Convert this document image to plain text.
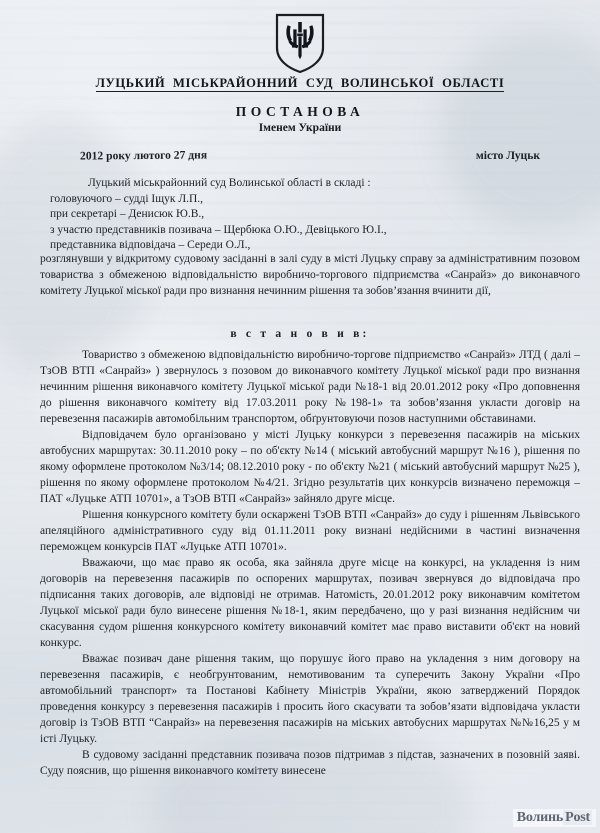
ЛУЦЬКИЙ МІСЬКРАЙОННИЙ СУД ВОЛИНСЬКОЇ ОБЛАСТІ
ПОСТАНОВА
Іменем України
2012 року лютого 27 дня	місто Луцьк
Луцький міськрайонний суд Волинської області в складі :
головуючого – судді Іщук Л.П.,
при секретарі – Денисюк Ю.В.,
з участю представників позивача – Щербюка О.Ю., Девіцького Ю.І.,
представника відповідача – Середи О.Л.,
розглянувши у відкритому судовому засіданні в залі суду в місті Луцьку справу за адміністративним позовом товариства з обмеженою відповідальністю виробничо-торгового підприємства «Санрайз» до виконавчого комітету Луцької міської ради про визнання нечинним рішення та зобов’язання вчинити дії,
в с т а н о в и в:

Товариство з обмеженою відповідальністю виробничо-торгове підприємство «Санрайз» ЛТД ( далі – ТзОВ ВТП «Санрайз» ) звернулось з позовом до виконавчого комітету Луцької міської ради про визнання нечинним рішення виконавчого комітету Луцької міської ради №18-1 від 20.01.2012 року «Про доповнення до рішення виконавчого комітету від 17.03.2011 року №198-1» та зобов’язання укласти договір на перевезення пасажирів автомобільним транспортом, обґрунтовуючи позов наступними обставинами.

Відповідачем було організовано у місті Луцьку конкурси з перевезення пасажирів на міських автобусних маршрутах: 30.11.2010 року – по об'єкту №14 ( міський автобусний маршрут №16 ), рішення по якому оформлене протоколом №3/14; 08.12.2010 року - по об'єкту №21 ( міський автобусний маршрут №25 ), рішення по якому оформлене протоколом №4/21. Згідно результатів цих конкурсів визначено переможця – ПАТ «Луцьке АТП 10701», а ТзОВ ВТП «Санрайз» зайняло друге місце.

Рішення конкурсного комітету були оскаржені ТзОВ ВТП «Санрайз» до суду і рішенням Львівського апеляційного адміністративного суду від 01.11.2011 року визнані недійсними в частині визначення переможцем конкурсів ПАТ «Луцьке АТП 10701».

Вважаючи, що має право як особа, яка зайняла друге місце на конкурсі, на укладення із ним договорів на перевезення пасажирів по оспорених маршрутах, позивач звернувся до відповідача про підписання таких договорів, але відповіді не отримав. Натомість, 20.01.2012 року виконавчим комітетом Луцької міської ради було винесене рішення №18-1, яким передбачено, що у разі визнання недійсним чи скасування судом рішення конкурсного комітету виконавчий комітет має право виставити об'єкт на новий конкурс.

Вважає позивач дане рішення таким, що порушує його право на укладення з ним договору на перевезення пасажирів, є необгрунтованим, немотивованим та суперечить Закону України «Про автомобільний транспорт» та Постанові Кабінету Міністрів України, якою затверджений Порядок проведення конкурсу з перевезення пасажирів і просить його скасувати та зобов’язати відповідача укласти договір із ТзОВ ВТП “Санрайз» на перевезення пасажирів на міських автобусних маршрутах №№16,25 у м істі Луцьку.

В судовому засіданні представник позивача позов підтримав з підстав, зазначених в позовній заяві. Суду пояснив, що рішення виконавчого комітету винесене

Волинь Post
